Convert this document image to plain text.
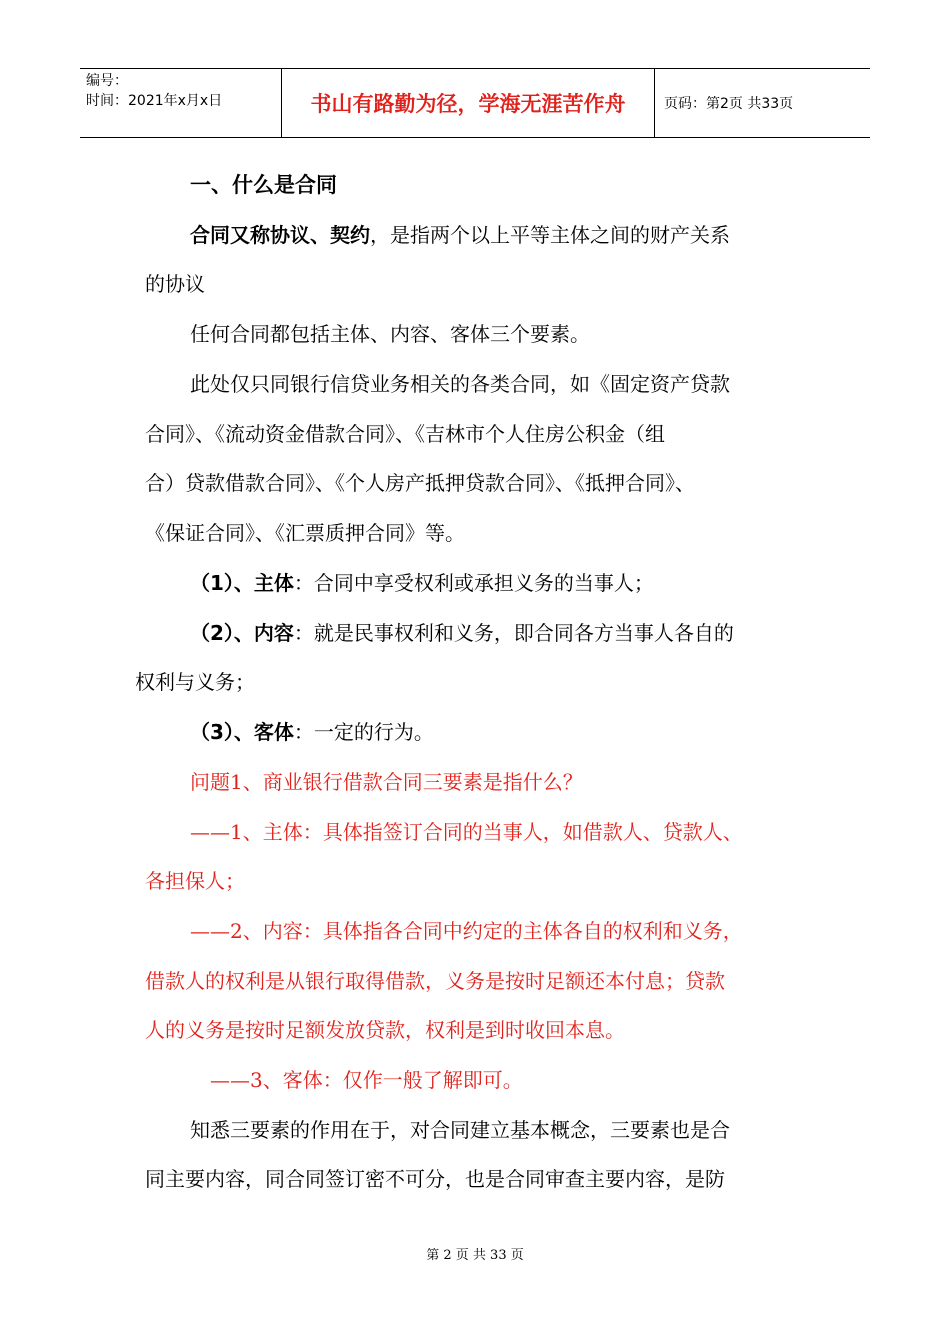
编号：
时间：2021年x月x日	书山有路勤为径，学海无涯苦作舟	页码：第2页 共33页
一、什么是合同
合同又称协议、契约，是指两个以上平等主体之间的财产关系
的协议
任何合同都包括主体、内容、客体三个要素。
此处仅只同银行信贷业务相关的各类合同，如《固定资产贷款
合同》、《流动资金借款合同》、《吉林市个人住房公积金（组
合）贷款借款合同》、《个人房产抵押贷款合同》、《抵押合同》、
《保证合同》、《汇票质押合同》等。
（1）、主体：合同中享受权利或承担义务的当事人；
（2）、内容：就是民事权利和义务，即合同各方当事人各自的
权利与义务；
（3）、客体：一定的行为。
问题1、商业银行借款合同三要素是指什么？
——1、主体：具体指签订合同的当事人，如借款人、贷款人、
各担保人；
——2、内容：具体指各合同中约定的主体各自的权利和义务，
借款人的权利是从银行取得借款，义务是按时足额还本付息；贷款
人的义务是按时足额发放贷款，权利是到时收回本息。
——3、客体：仅作一般了解即可。
知悉三要素的作用在于，对合同建立基本概念，三要素也是合
同主要内容，同合同签订密不可分，也是合同审查主要内容，是防
第 2 页 共 33 页
